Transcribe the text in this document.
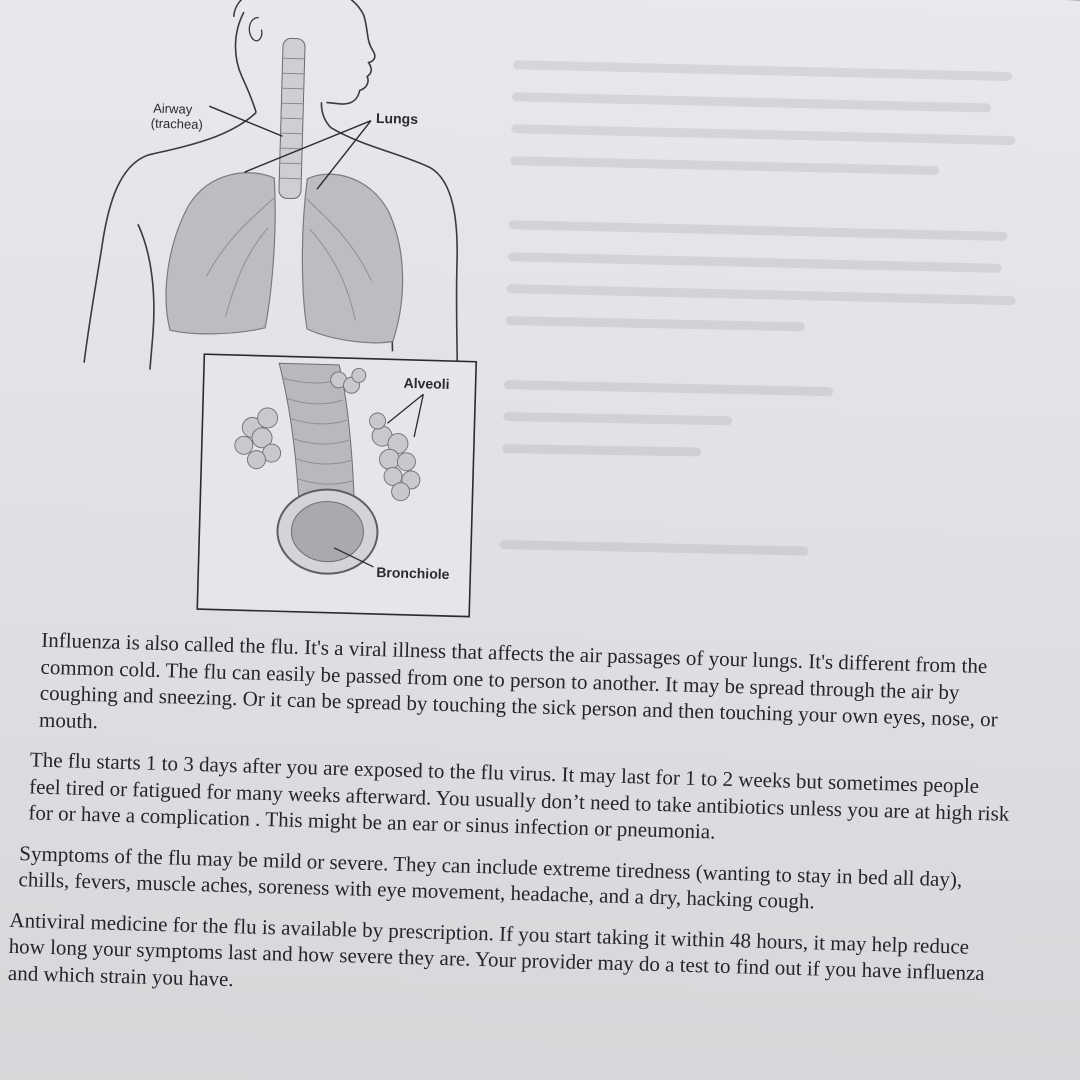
Airway
(trachea)	Lungs
Alveoli
Bronchiole

Influenza is also called the flu. It's a viral illness that affects the air passages of your lungs. It's different from the common cold. The flu can easily be passed from one to person to another. It may be spread through the air by coughing and sneezing. Or it can be spread by touching the sick person and then touching your own eyes, nose, or mouth.

The flu starts 1 to 3 days after you are exposed to the flu virus. It may last for 1 to 2 weeks but sometimes people feel tired or fatigued for many weeks afterward. You usually don’t need to take antibiotics unless you are at high risk for or have a complication . This might be an ear or sinus infection or pneumonia.

Symptoms of the flu may be mild or severe. They can include extreme tiredness (wanting to stay in bed all day), chills, fevers, muscle aches, soreness with eye movement, headache, and a dry, hacking cough.

Antiviral medicine for the flu is available by prescription. If you start taking it within 48 hours, it may help reduce how long your symptoms last and how severe they are. Your provider may do a test to find out if you have influenza and which strain you have.
